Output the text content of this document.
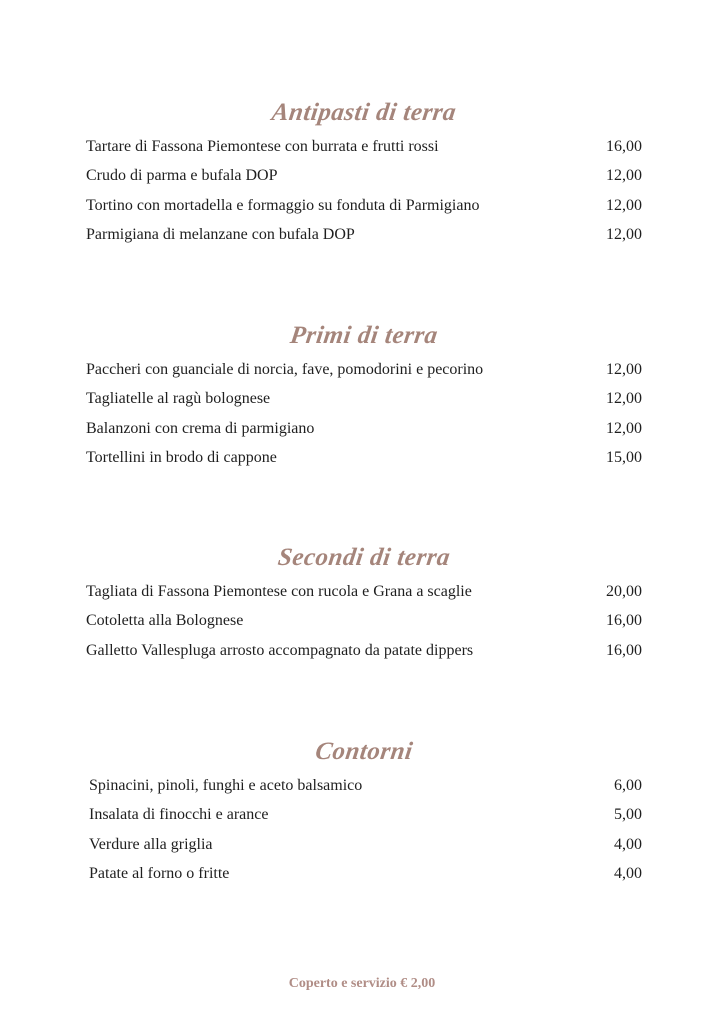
Antipasti di terra
Tartare di Fassona Piemontese con burrata e frutti rossi	16,00
Crudo di parma e bufala DOP	12,00
Tortino con mortadella e formaggio su fonduta di Parmigiano	12,00
Parmigiana di melanzane con bufala DOP	12,00
Primi di terra
Paccheri con guanciale di norcia, fave, pomodorini e pecorino	12,00
Tagliatelle al ragù bolognese	12,00
Balanzoni con crema di parmigiano	12,00
Tortellini in brodo di cappone	15,00
Secondi di terra
Tagliata di Fassona Piemontese con rucola e Grana a scaglie	20,00
Cotoletta alla Bolognese	16,00
Galletto Vallespluga arrosto accompagnato da patate dippers	16,00
Contorni
Spinacini, pinoli, funghi e aceto balsamico	6,00
Insalata di finocchi e arance	5,00
Verdure alla griglia	4,00
Patate al forno o fritte	4,00
Coperto e servizio € 2,00
